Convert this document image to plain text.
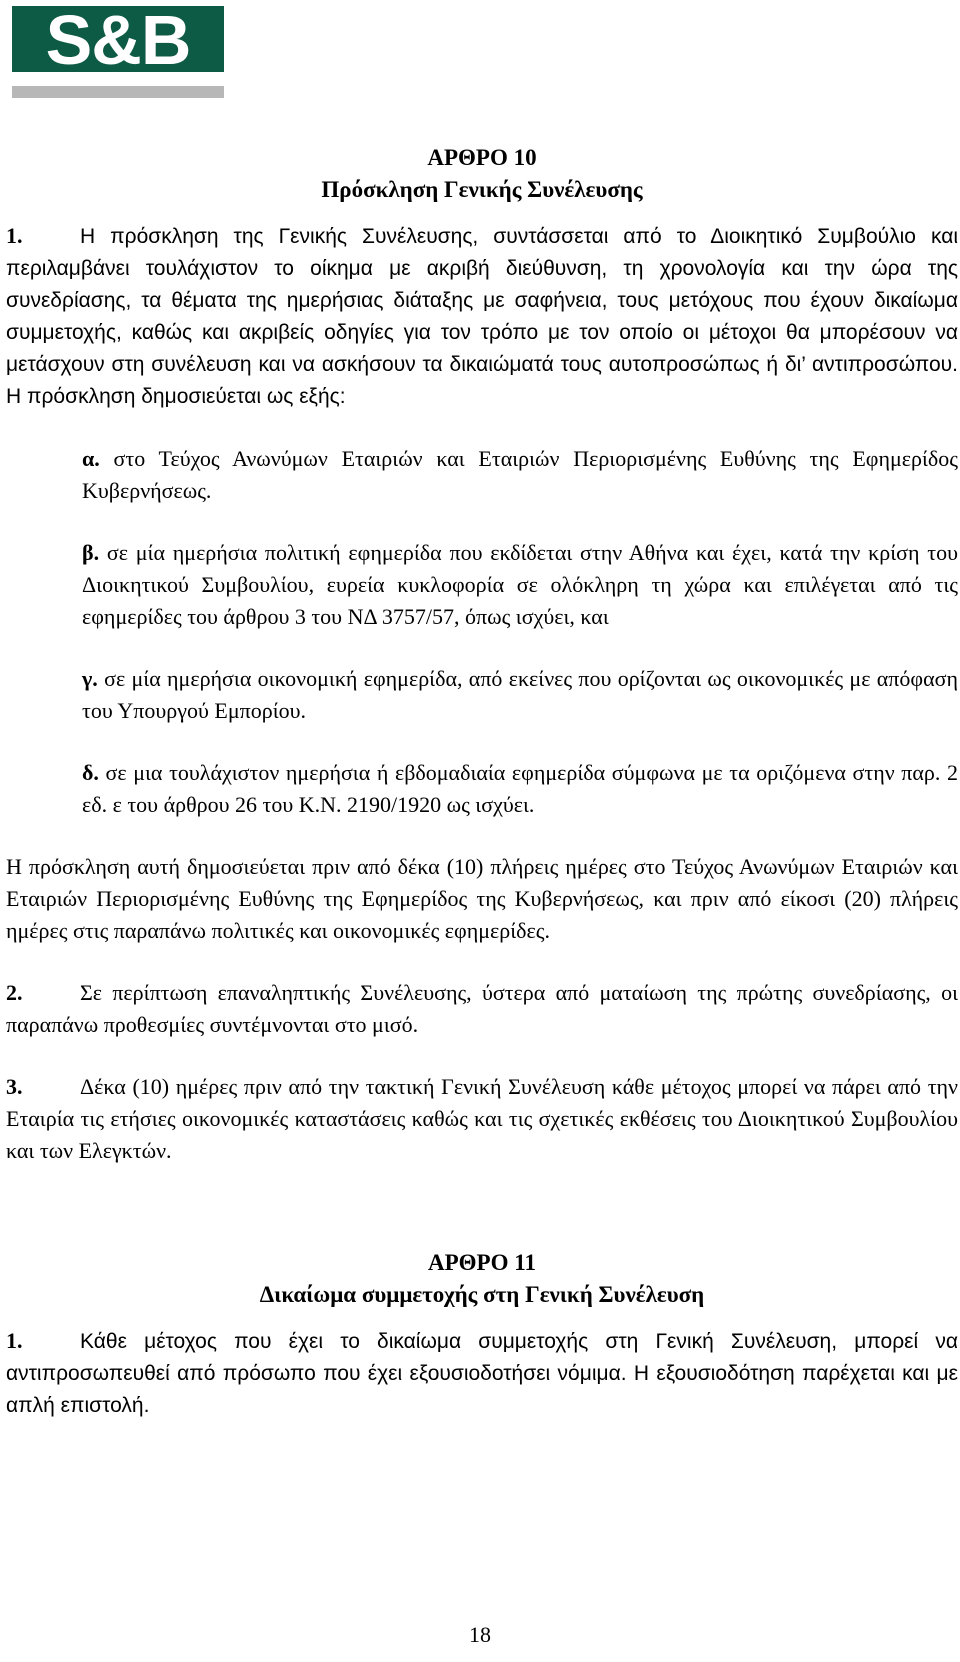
S&B
ΑΡΘΡΟ 10
Πρόσκληση Γενικής Συνέλευσης

1.	Η πρόσκληση της Γενικής Συνέλευσης, συντάσσεται από το Διοικητικό Συμβούλιο και περιλαμβάνει τουλάχιστον το οίκημα με ακριβή διεύθυνση, τη χρονολογία και την ώρα της συνεδρίασης, τα θέματα της ημερήσιας διάταξης με σαφήνεια, τους μετόχους που έχουν δικαίωμα συμμετοχής, καθώς και ακριβείς οδηγίες για τον τρόπο με τον οποίο οι μέτοχοι θα μπορέσουν να μετάσχουν στη συνέλευση και να ασκήσουν τα δικαιώματά τους αυτοπροσώπως ή δι’ αντιπροσώπου. Η πρόσκληση δημοσιεύεται ως εξής:

α. στο Τεύχος Ανωνύμων Εταιριών και Εταιριών Περιορισμένης Ευθύνης της Εφημερίδος Κυβερνήσεως.

β. σε μία ημερήσια πολιτική εφημερίδα που εκδίδεται στην Αθήνα και έχει, κατά την κρίση του Διοικητικού Συμβουλίου, ευρεία κυκλοφορία σε ολόκληρη τη χώρα και επιλέγεται από τις εφημερίδες του άρθρου 3 του ΝΔ 3757/57, όπως ισχύει, και

γ. σε μία ημερήσια οικονομική εφημερίδα, από εκείνες που ορίζονται ως οικονομικές με απόφαση του Υπουργού Εμπορίου.

δ. σε μια τουλάχιστον ημερήσια ή εβδομαδιαία εφημερίδα σύμφωνα με τα οριζόμενα στην παρ. 2 εδ. ε του άρθρου 26 του Κ.Ν. 2190/1920 ως ισχύει.

Η πρόσκληση αυτή δημοσιεύεται πριν από δέκα (10) πλήρεις ημέρες στο Τεύχος Ανωνύμων Εταιριών και Εταιριών Περιορισμένης Ευθύνης της Εφημερίδος της Κυβερνήσεως, και πριν από είκοσι (20) πλήρεις ημέρες στις παραπάνω πολιτικές και οικονομικές εφημερίδες.

2.	Σε περίπτωση επαναληπτικής Συνέλευσης, ύστερα από ματαίωση της πρώτης συνεδρίασης, οι παραπάνω προθεσμίες συντέμνονται στο μισό.

3.	Δέκα (10) ημέρες πριν από την τακτική Γενική Συνέλευση κάθε μέτοχος μπορεί να πάρει από την Εταιρία τις ετήσιες οικονομικές καταστάσεις καθώς και τις σχετικές εκθέσεις του Διοικητικού Συμβουλίου και των Ελεγκτών.

ΑΡΘΡΟ 11
Δικαίωμα συμμετοχής στη Γενική Συνέλευση

1.	Κάθε μέτοχος που έχει το δικαίωμα συμμετοχής στη Γενική Συνέλευση, μπορεί να αντιπροσωπευθεί από πρόσωπο που έχει εξουσιοδοτήσει νόμιμα. Η εξουσιοδότηση παρέχεται και με απλή επιστολή.

18
